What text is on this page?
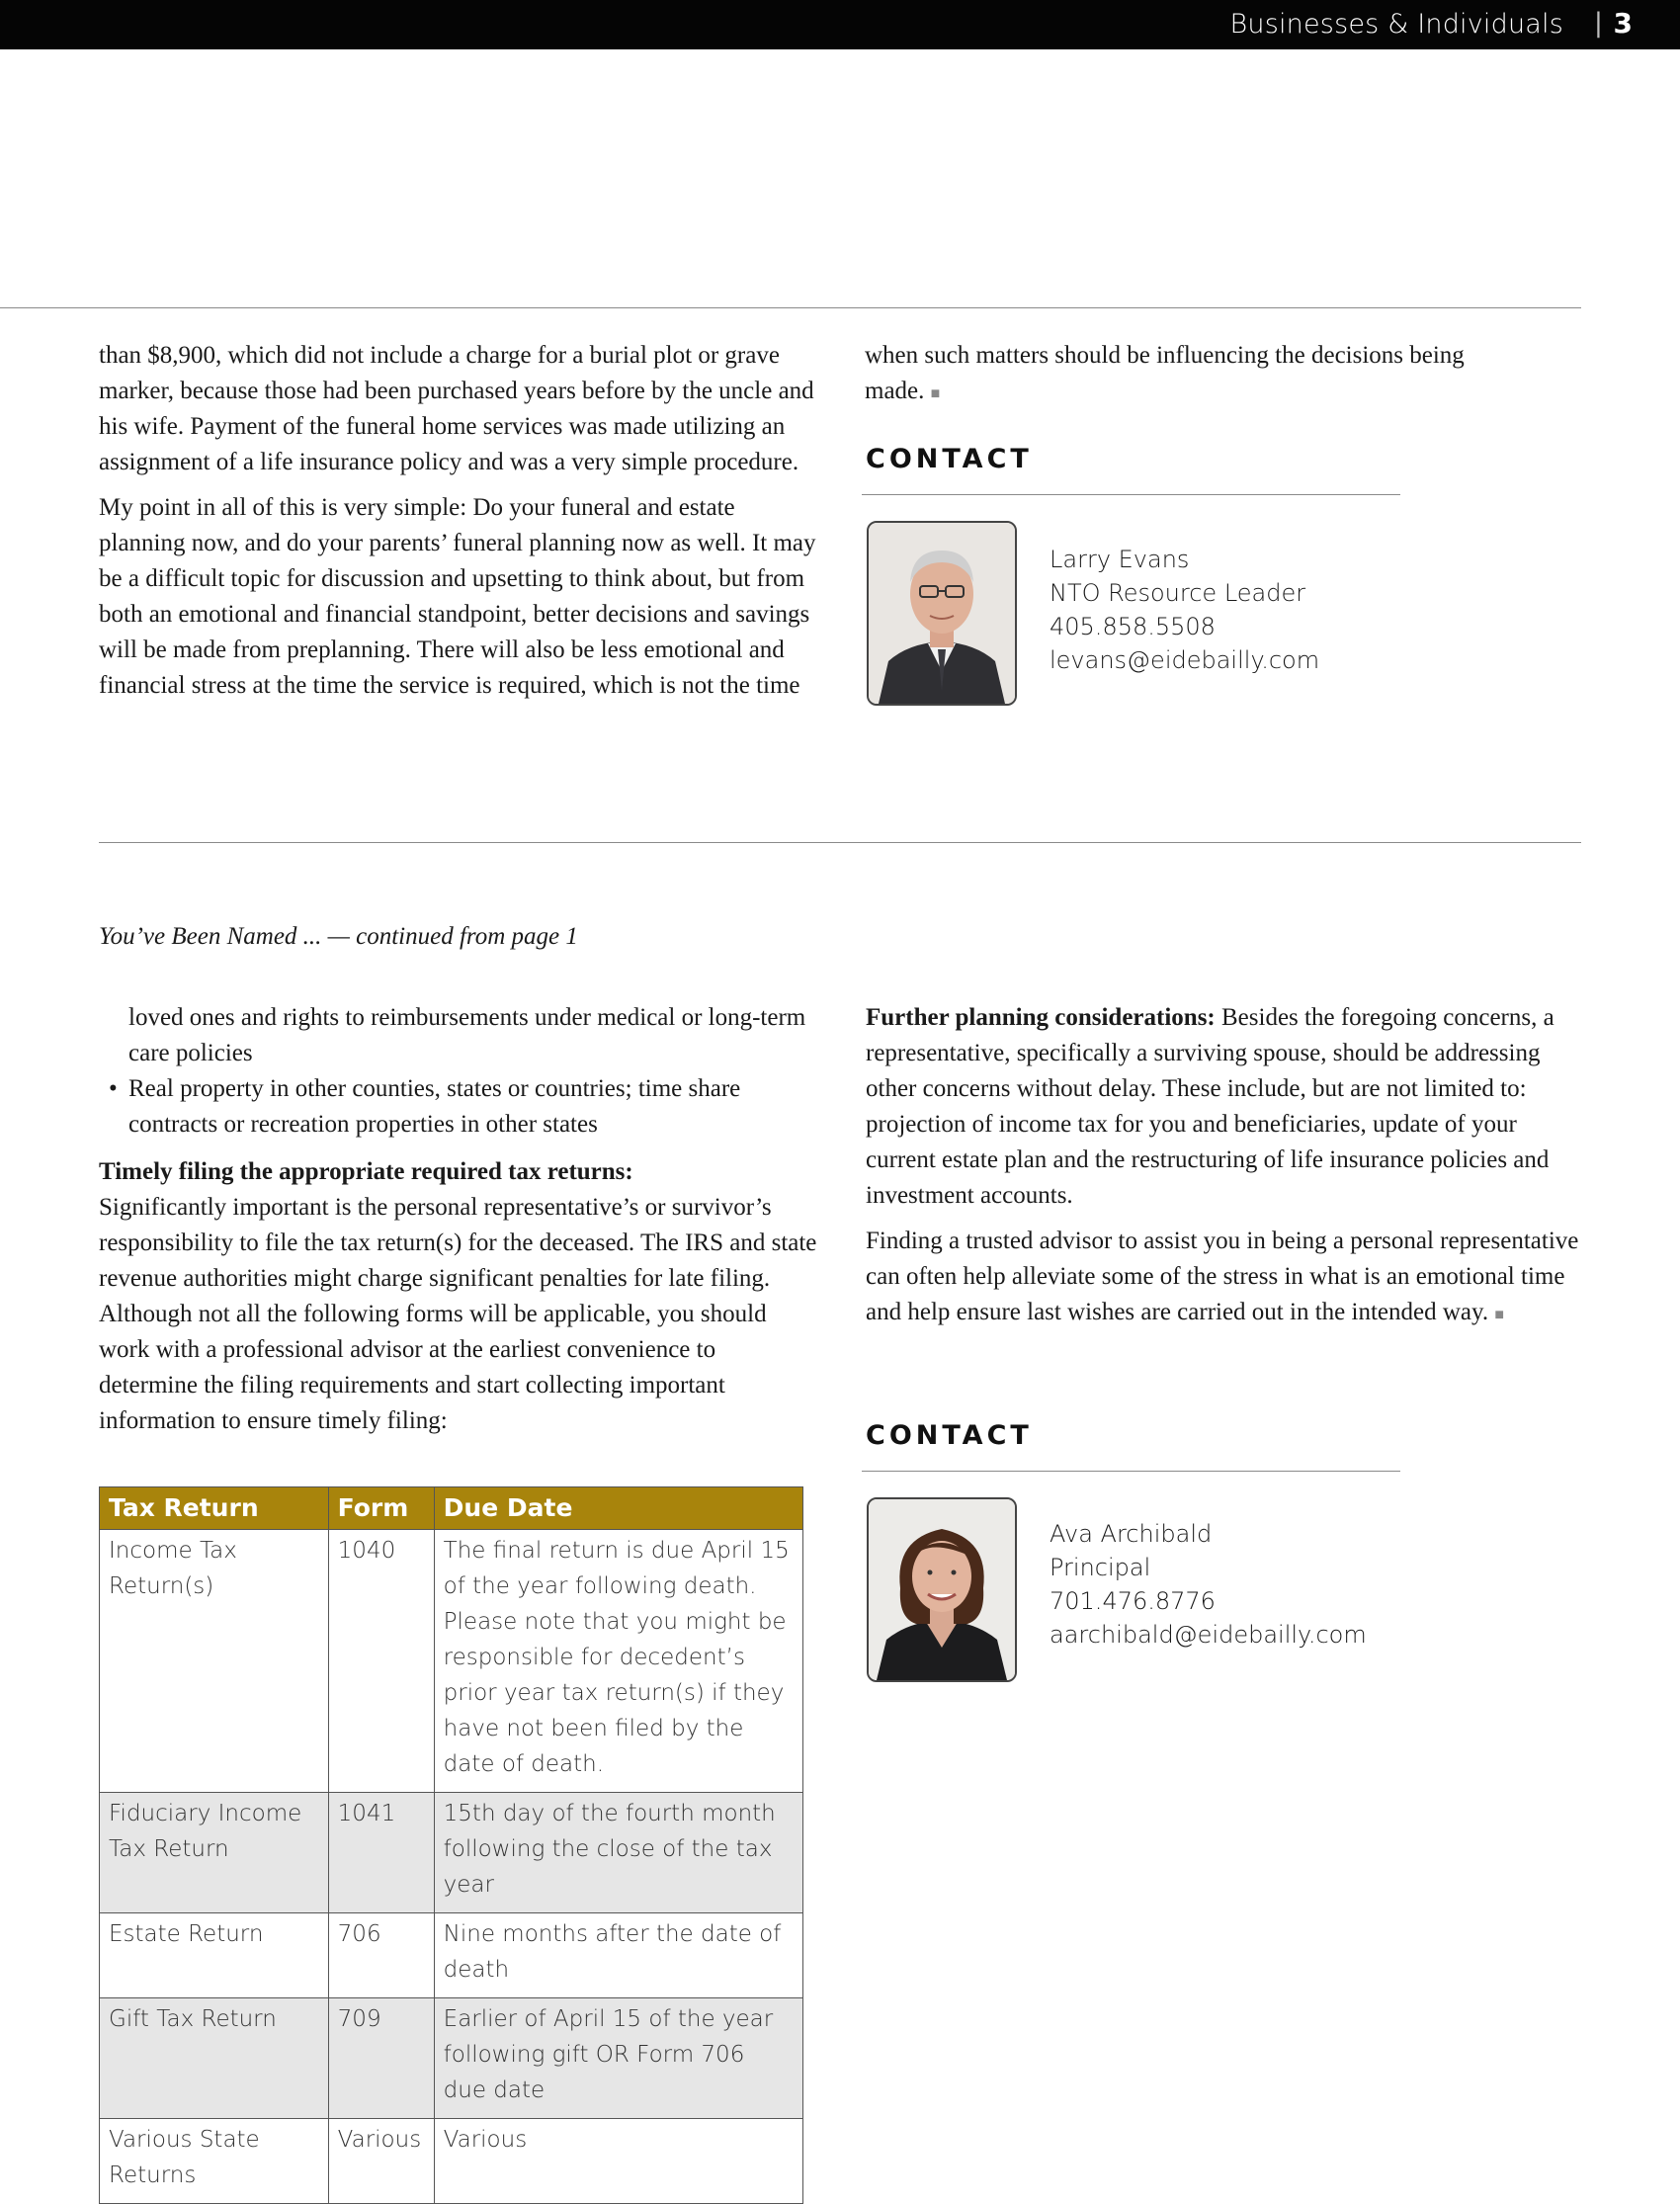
Businesses & Individuals | 3

than $8,900, which did not include a charge for a burial plot or grave marker, because those had been purchased years before by the uncle and his wife. Payment of the funeral home services was made utilizing an assignment of a life insurance policy and was a very simple procedure.

My point in all of this is very simple: Do your funeral and estate planning now, and do your parents’ funeral planning now as well. It may be a difficult topic for discussion and upsetting to think about, but from both an emotional and financial standpoint, better decisions and savings will be made from preplanning. There will also be less emotional and financial stress at the time the service is required, which is not the time

when such matters should be influencing the decisions being made. ■
CONTACT
Larry Evans
NTO Resource Leader
405.858.5508
levans@eidebailly.com
You’ve Been Named ... — continued from page 1
loved ones and rights to reimbursements under medical or long-term care policies
• Real property in other counties, states or countries; time share contracts or recreation properties in other states
Timely filing the appropriate required tax returns:
Significantly important is the personal representative’s or survivor’s responsibility to file the tax return(s) for the deceased. The IRS and state revenue authorities might charge significant penalties for late filing. Although not all the following forms will be applicable, you should work with a professional advisor at the earliest convenience to determine the filing requirements and start collecting important information to ensure timely filing:

Further planning considerations: Besides the foregoing concerns, a representative, specifically a surviving spouse, should be addressing other concerns without delay. These include, but are not limited to: projection of income tax for you and beneficiaries, update of your current estate plan and the restructuring of life insurance policies and investment accounts.

Finding a trusted advisor to assist you in being a personal representative can often help alleviate some of the stress in what is an emotional time and help ensure last wishes are carried out in the intended way. ■

Tax Return	Form	Due Date
Income Tax Return(s)	1040	The final return is due April 15 of the year following death. Please note that you might be responsible for decedent’s prior year tax return(s) if they have not been filed by the date of death.
Fiduciary Income Tax Return	1041	15th day of the fourth month following the close of the tax year
Estate Return	706	Nine months after the date of death
Gift Tax Return	709	Earlier of April 15 of the year following gift OR Form 706 due date
Various State Returns	Various	Various
CONTACT
Ava Archibald
Principal
701.476.8776
aarchibald@eidebailly.com
